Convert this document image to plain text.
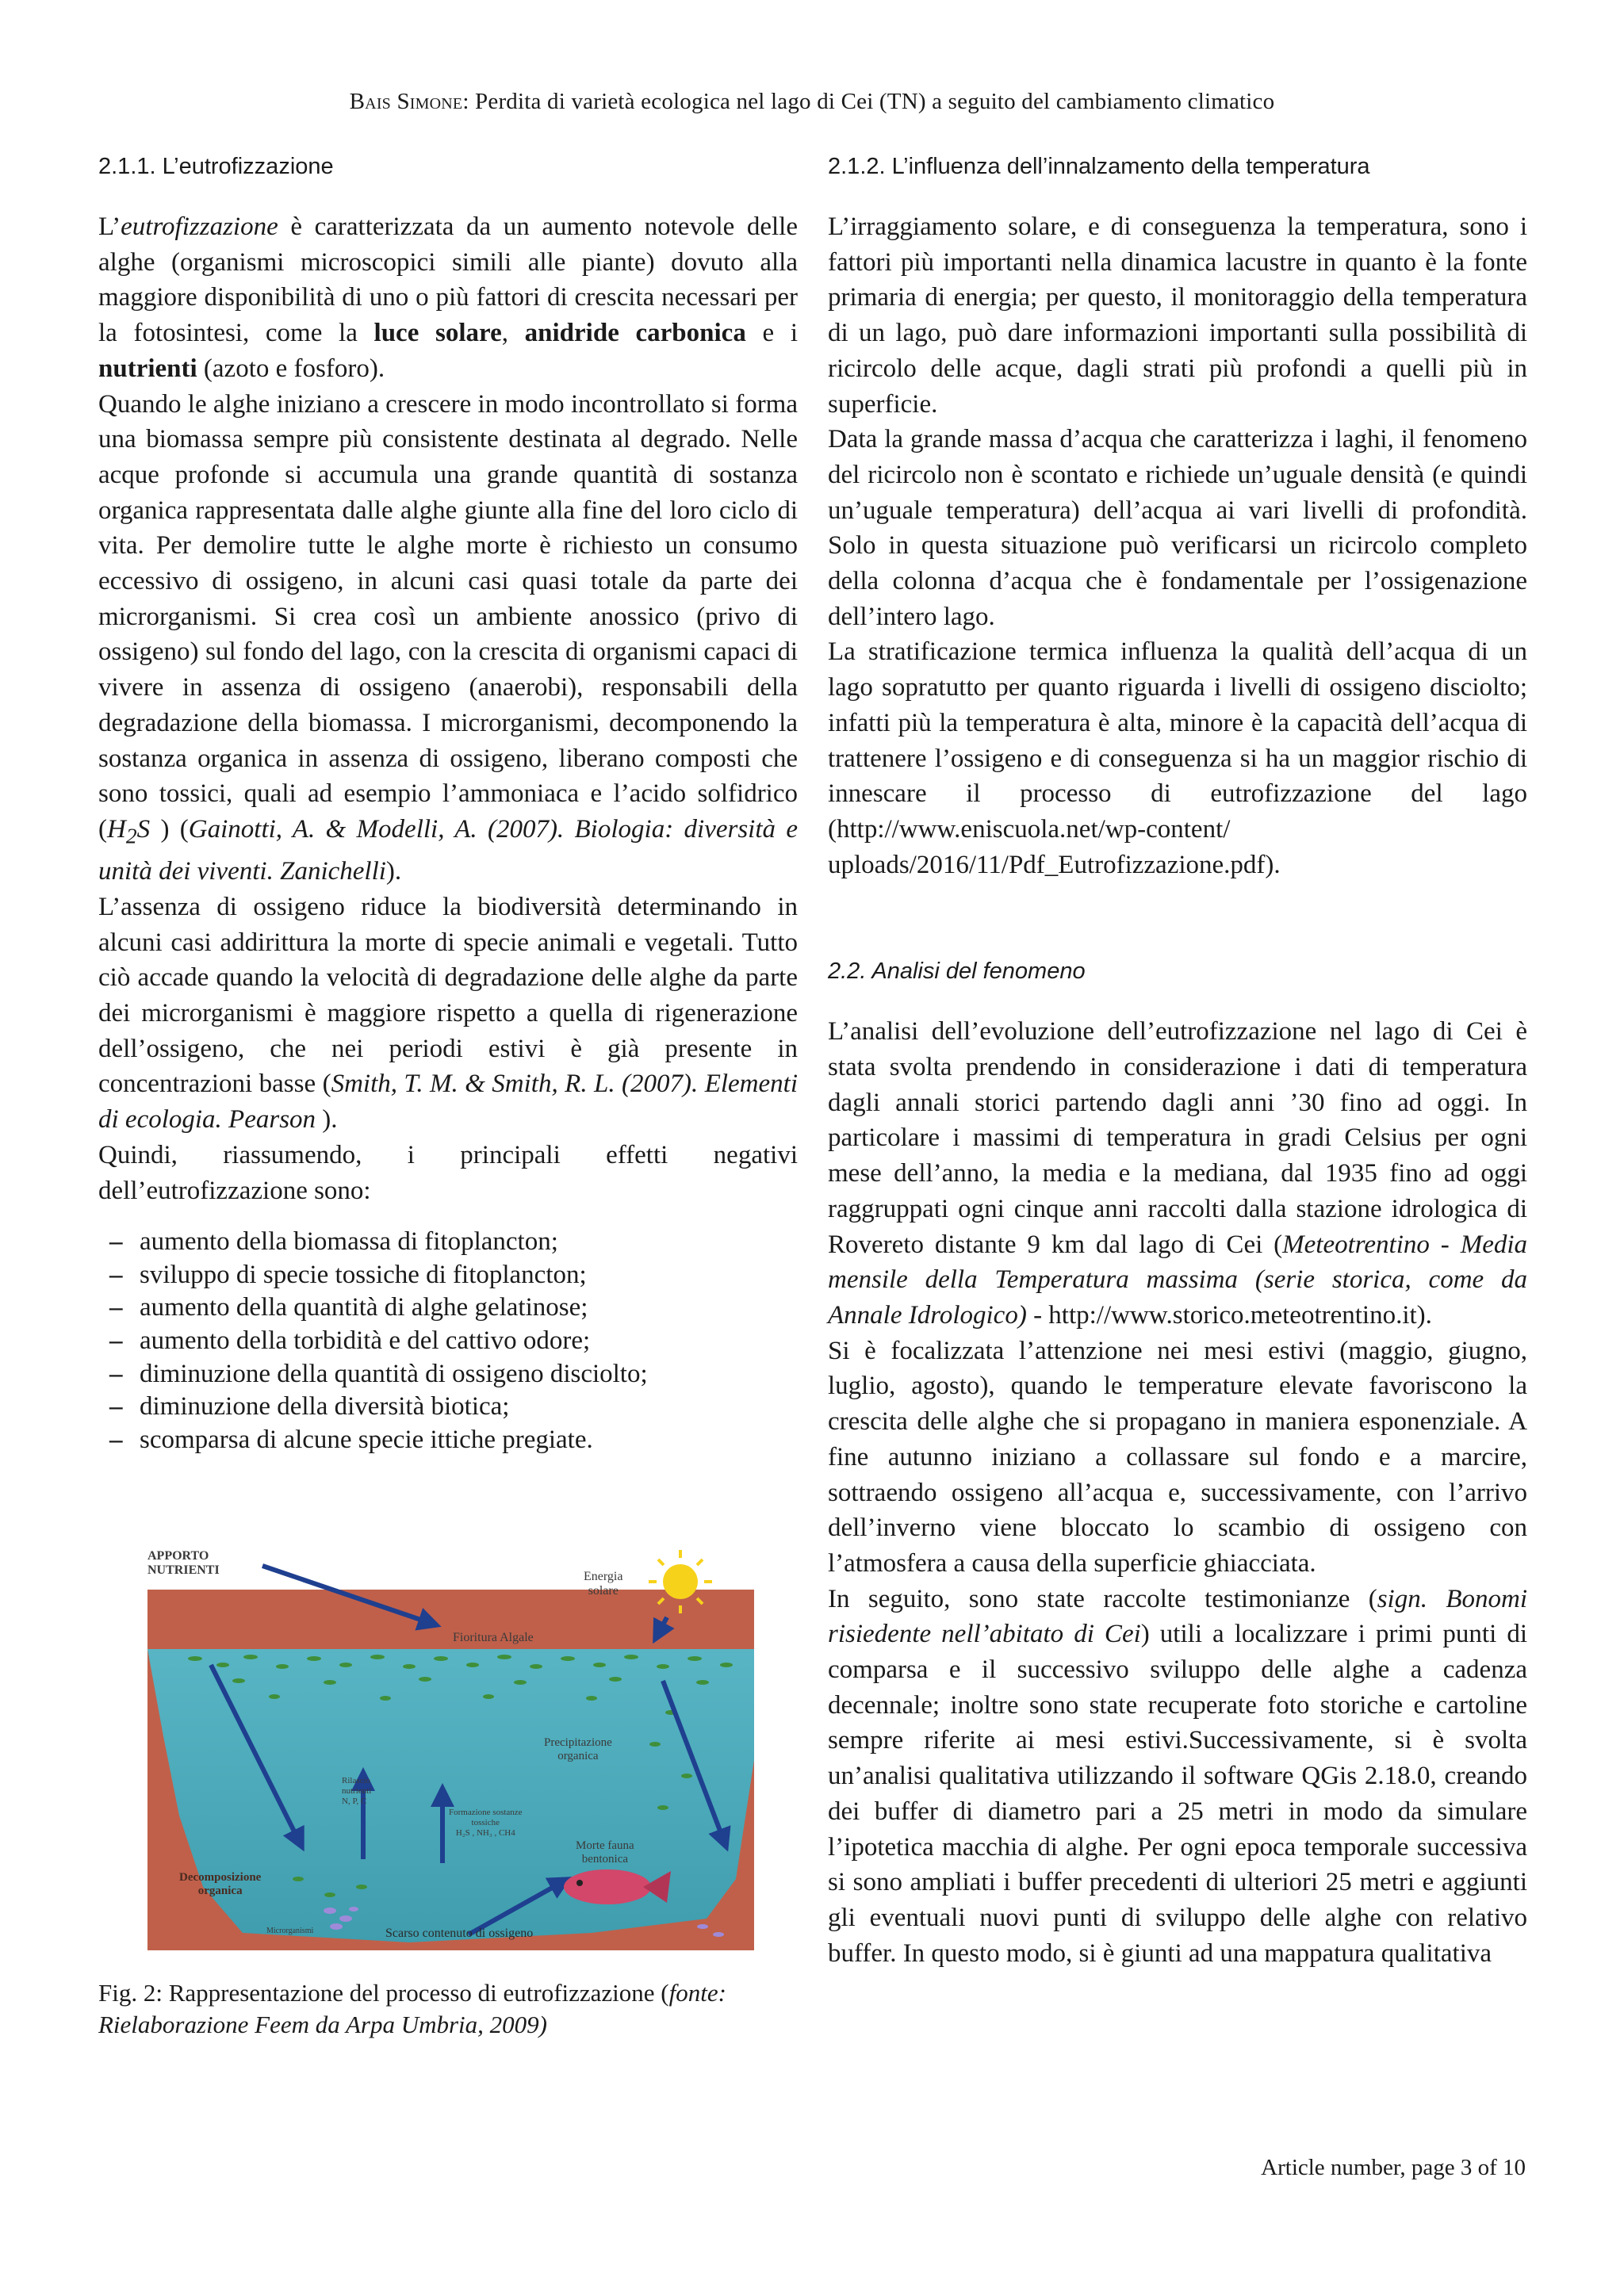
Bais Simone: Perdita di varietà ecologica nel lago di Cei (TN) a seguito del cambiamento climatico
2.1.1. L’eutrofizzazione

L’eutrofizzazione è caratterizzata da un aumento notevole delle alghe (organismi microscopici simili alle piante) dovuto alla maggiore disponibilità di uno o più fattori di crescita necessari per la fotosintesi, come la luce solare, anidride carbonica e i nutrienti (azoto e fosforo).

Quando le alghe iniziano a crescere in modo incontrollato si forma una biomassa sempre più consistente destinata al degrado. Nelle acque profonde si accumula una grande quantità di sostanza organica rappresentata dalle alghe giunte alla fine del loro ciclo di vita. Per demolire tutte le alghe morte è richiesto un consumo eccessivo di ossigeno, in alcuni casi quasi totale da parte dei microrganismi. Si crea così un ambiente anossico (privo di ossigeno) sul fondo del lago, con la crescita di organismi capaci di vivere in assenza di ossigeno (anaerobi), responsabili della degradazione della biomassa. I microrganismi, decomponendo la sostanza organica in assenza di ossigeno, liberano composti che sono tossici, quali ad esempio l’ammoniaca e l’acido solfidrico ($H_2S$ ) (Gainotti, A. & Modelli, A. (2007). Biologia: diversità e unità dei viventi. Zanichelli).

L’assenza di ossigeno riduce la biodiversità determinando in alcuni casi addirittura la morte di specie animali e vegetali. Tutto ciò accade quando la velocità di degradazione delle alghe da parte dei microrganismi è maggiore rispetto a quella di rigenerazione dell’ossigeno, che nei periodi estivi è già presente in concentrazioni basse (Smith, T. M. & Smith, R. L. (2007). Elementi di ecologia. Pearson ).

Quindi, riassumendo, i principali effetti negativi dell’eutrofizzazione sono:

– aumento della biomassa di fitoplancton;
– sviluppo di specie tossiche di fitoplancton;
– aumento della quantità di alghe gelatinose;
– aumento della torbidità e del cattivo odore;
– diminuzione della quantità di ossigeno disciolto;
– diminuzione della diversità biotica;
– scomparsa di alcune specie ittiche pregiate.
APPORTO
NUTRIENTI	Energia
solare
Fioritura Algale
Precipitazione
organica
Rilascio
nutrienti
N, P, C
Formazione sostanze
tossiche
H₂S , NH₃ , CH4
Morte fauna
bentonica
Decomposizione
organica
Microrganismi	Scarso contenuto di ossigeno
Fig. 2: Rappresentazione del processo di eutrofizzazione (fonte: Rielaborazione Feem da Arpa Umbria, 2009)
2.1.2. L’influenza dell’innalzamento della temperatura

L’irraggiamento solare, e di conseguenza la temperatura, sono i fattori più importanti nella dinamica lacustre in quanto è la fonte primaria di energia; per questo, il monitoraggio della temperatura di un lago, può dare informazioni importanti sulla possibilità di ricircolo delle acque, dagli strati più profondi a quelli più in superficie.

Data la grande massa d’acqua che caratterizza i laghi, il fenomeno del ricircolo non è scontato e richiede un’uguale densità (e quindi un’uguale temperatura) dell’acqua ai vari livelli di profondità. Solo in questa situazione può verificarsi un ricircolo completo della colonna d’acqua che è fondamentale per l’ossigenazione dell’intero lago.

La stratificazione termica influenza la qualità dell’acqua di un lago sopratutto per quanto riguarda i livelli di ossigeno disciolto; infatti più la temperatura è alta, minore è la capacità dell’acqua di trattenere l’ossigeno e di conseguenza si ha un maggior rischio di innescare il processo di eutrofizzazione del lago (http://www.eniscuola.net/wp-content/ uploads/2016/11/Pdf_Eutrofizzazione.pdf).

2.2. Analisi del fenomeno

L’analisi dell’evoluzione dell’eutrofizzazione nel lago di Cei è stata svolta prendendo in considerazione i dati di temperatura dagli annali storici partendo dagli anni ’30 fino ad oggi. In particolare i massimi di temperatura in gradi Celsius per ogni mese dell’anno, la media e la mediana, dal 1935 fino ad oggi raggruppati ogni cinque anni raccolti dalla stazione idrologica di Rovereto distante 9 km dal lago di Cei (Meteotrentino - Media mensile della Temperatura massima (serie storica, come da Annale Idrologico) - http://www.storico.meteotrentino.it).

Si è focalizzata l’attenzione nei mesi estivi (maggio, giugno, luglio, agosto), quando le temperature elevate favoriscono la crescita delle alghe che si propagano in maniera esponenziale. A fine autunno iniziano a collassare sul fondo e a marcire, sottraendo ossigeno all’acqua e, successivamente, con l’arrivo dell’inverno viene bloccato lo scambio di ossigeno con l’atmosfera a causa della superficie ghiacciata.

In seguito, sono state raccolte testimonianze (sign. Bonomi risiedente nell’abitato di Cei) utili a localizzare i primi punti di comparsa e il successivo sviluppo delle alghe a cadenza decennale; inoltre sono state recuperate foto storiche e cartoline sempre riferite ai mesi estivi.Successivamente, si è svolta un’analisi qualitativa utilizzando il software QGis 2.18.0, creando dei buffer di diametro pari a 25 metri in modo da simulare l’ipotetica macchia di alghe. Per ogni epoca temporale successiva si sono ampliati i buffer precedenti di ulteriori 25 metri e aggiunti gli eventuali nuovi punti di sviluppo delle alghe con relativo buffer. In questo modo, si è giunti ad una mappatura qualitativa

Article number, page 3 of 10
